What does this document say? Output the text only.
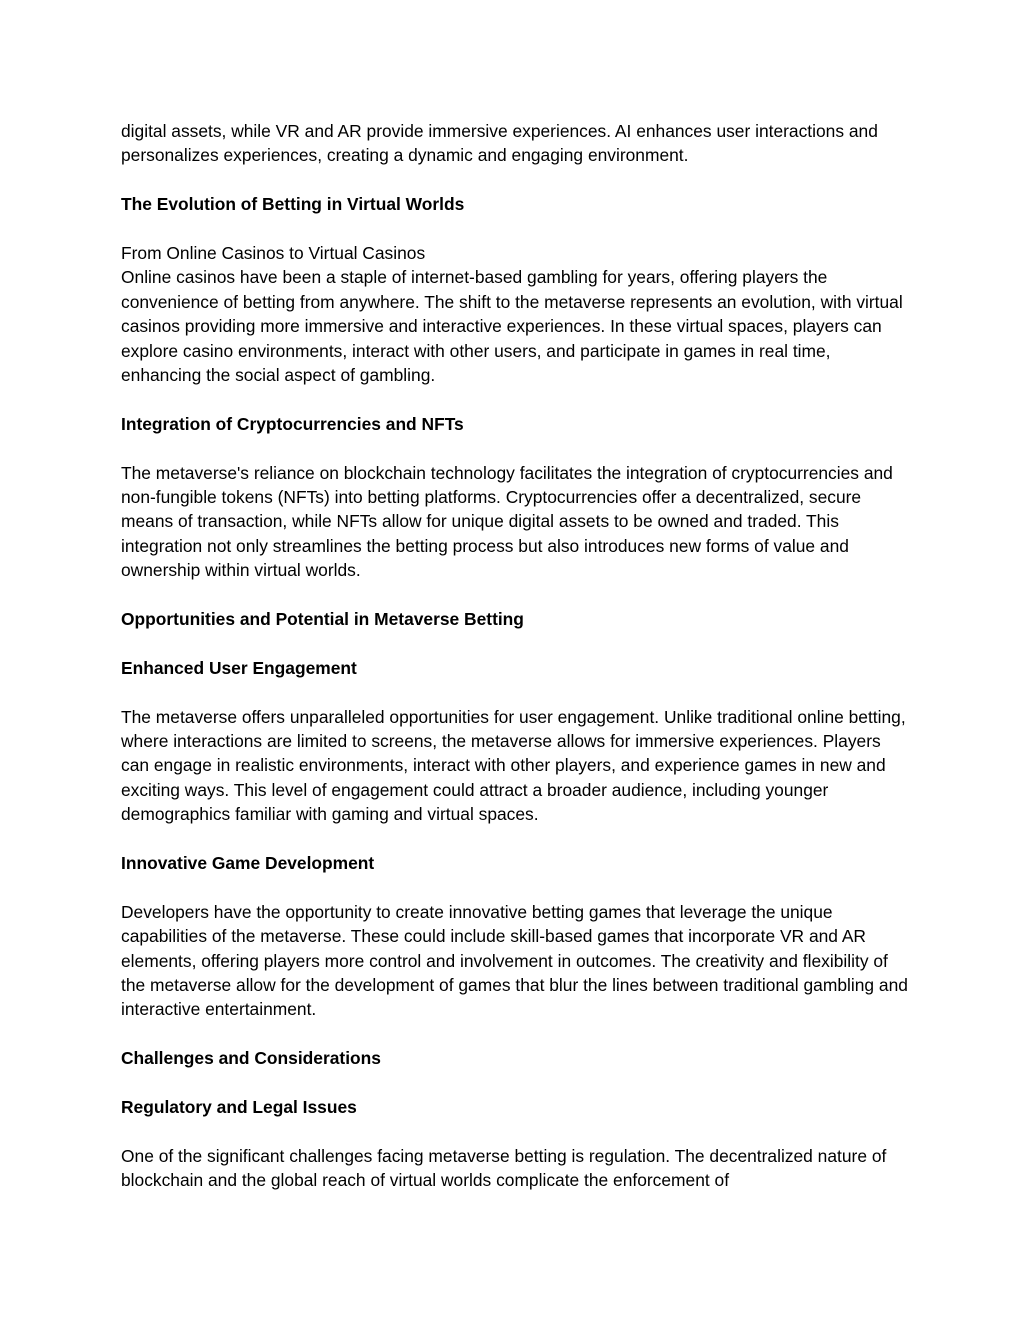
digital assets, while VR and AR provide immersive experiences. AI enhances user interactions and personalizes experiences, creating a dynamic and engaging environment.

The Evolution of Betting in Virtual Worlds

From Online Casinos to Virtual Casinos

Online casinos have been a staple of internet-based gambling for years, offering players the convenience of betting from anywhere. The shift to the metaverse represents an evolution, with virtual casinos providing more immersive and interactive experiences. In these virtual spaces, players can explore casino environments, interact with other users, and participate in games in real time, enhancing the social aspect of gambling.

Integration of Cryptocurrencies and NFTs

The metaverse's reliance on blockchain technology facilitates the integration of cryptocurrencies and non-fungible tokens (NFTs) into betting platforms. Cryptocurrencies offer a decentralized, secure means of transaction, while NFTs allow for unique digital assets to be owned and traded. This integration not only streamlines the betting process but also introduces new forms of value and ownership within virtual worlds.

Opportunities and Potential in Metaverse Betting

Enhanced User Engagement

The metaverse offers unparalleled opportunities for user engagement. Unlike traditional online betting, where interactions are limited to screens, the metaverse allows for immersive experiences. Players can engage in realistic environments, interact with other players, and experience games in new and exciting ways. This level of engagement could attract a broader audience, including younger demographics familiar with gaming and virtual spaces.

Innovative Game Development

Developers have the opportunity to create innovative betting games that leverage the unique capabilities of the metaverse. These could include skill-based games that incorporate VR and AR elements, offering players more control and involvement in outcomes. The creativity and flexibility of the metaverse allow for the development of games that blur the lines between traditional gambling and interactive entertainment.

Challenges and Considerations

Regulatory and Legal Issues

One of the significant challenges facing metaverse betting is regulation. The decentralized nature of blockchain and the global reach of virtual worlds complicate the enforcement of
